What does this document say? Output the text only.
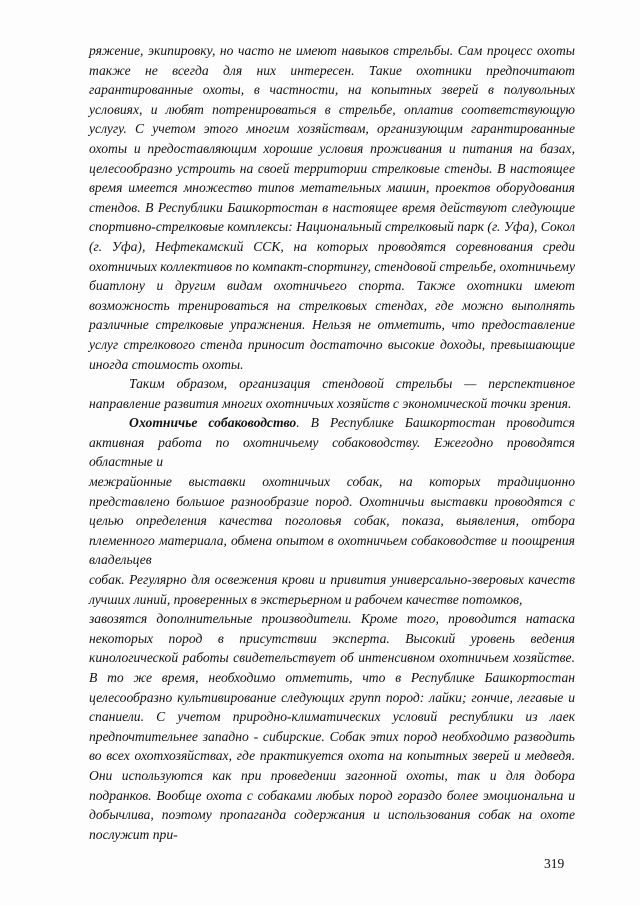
ряжение, экипировку, но часто не имеют навыков стрельбы. Сам процесс охоты также не всегда для них интересен. Такие охотники предпочитают гарантированные охоты, в частности, на копытных зверей в полувольных условиях, и любят потренироваться в стрельбе, оплатив соответствующую услугу. С учетом этого многим хозяйствам, организующим гарантированные охоты и предоставляющим хорошие условия проживания и питания на базах, целесообразно устроить на своей территории стрелковые стенды. В настоящее время имеется множество типов метательных машин, проектов оборудования стендов. В Республики Башкортостан в настоящее время действуют следующие спортивно-стрелковые комплексы: Национальный стрелковый парк (г. Уфа), Сокол (г. Уфа), Нефтекамский ССК, на которых проводятся соревнования среди охотничьих коллективов по компакт-спортингу, стендовой стрельбе, охотничьему биатлону и другим видам охотничьего спорта. Также охотники имеют возможность тренироваться на стрелковых стендах, где можно выполнять различные стрелковые упражнения. Нельзя не отметить, что предоставление услуг стрелкового стенда приносит достаточно высокие доходы, превышающие иногда стоимость охоты.

Таким образом, организация стендовой стрельбы — перспективное направление развития многих охотничьих хозяйств с экономической точки зрения.

Охотничье собаководство. В Республике Башкортостан проводится активная работа по охотничьему собаководству. Ежегодно проводятся областные и

межрайонные выставки охотничьих собак, на которых традиционно представлено большое разнообразие пород. Охотничьи выставки проводятся с целью определения качества поголовья собак, показа, выявления, отбора племенного материала, обмена опытом в охотничьем собаководстве и поощрения владельцев

собак. Регулярно для освежения крови и привития универсально-зверовых качеств лучших линий, проверенных в экстерьерном и рабочем качестве потомков,

завозятся дополнительные производители. Кроме того, проводится натаска некоторых пород в присутствии эксперта. Высокий уровень ведения кинологической работы свидетельствует об интенсивном охотничьем хозяйстве. В то же время, необходимо отметить, что в Республике Башкортостан целесообразно культивирование следующих групп пород: лайки; гончие, легавые и спаниели. С учетом природно-климатических условий республики из лаек предпочтительнее западно - сибирские. Собак этих пород необходимо разводить во всех охотхозяйствах, где практикуется охота на копытных зверей и медведя. Они используются как при проведении загонной охоты, так и для добора подранков. Вообще охота с собаками любых пород гораздо более эмоциональна и добычлива, поэтому пропаганда содержания и использования собак на охоте послужит при-

319
